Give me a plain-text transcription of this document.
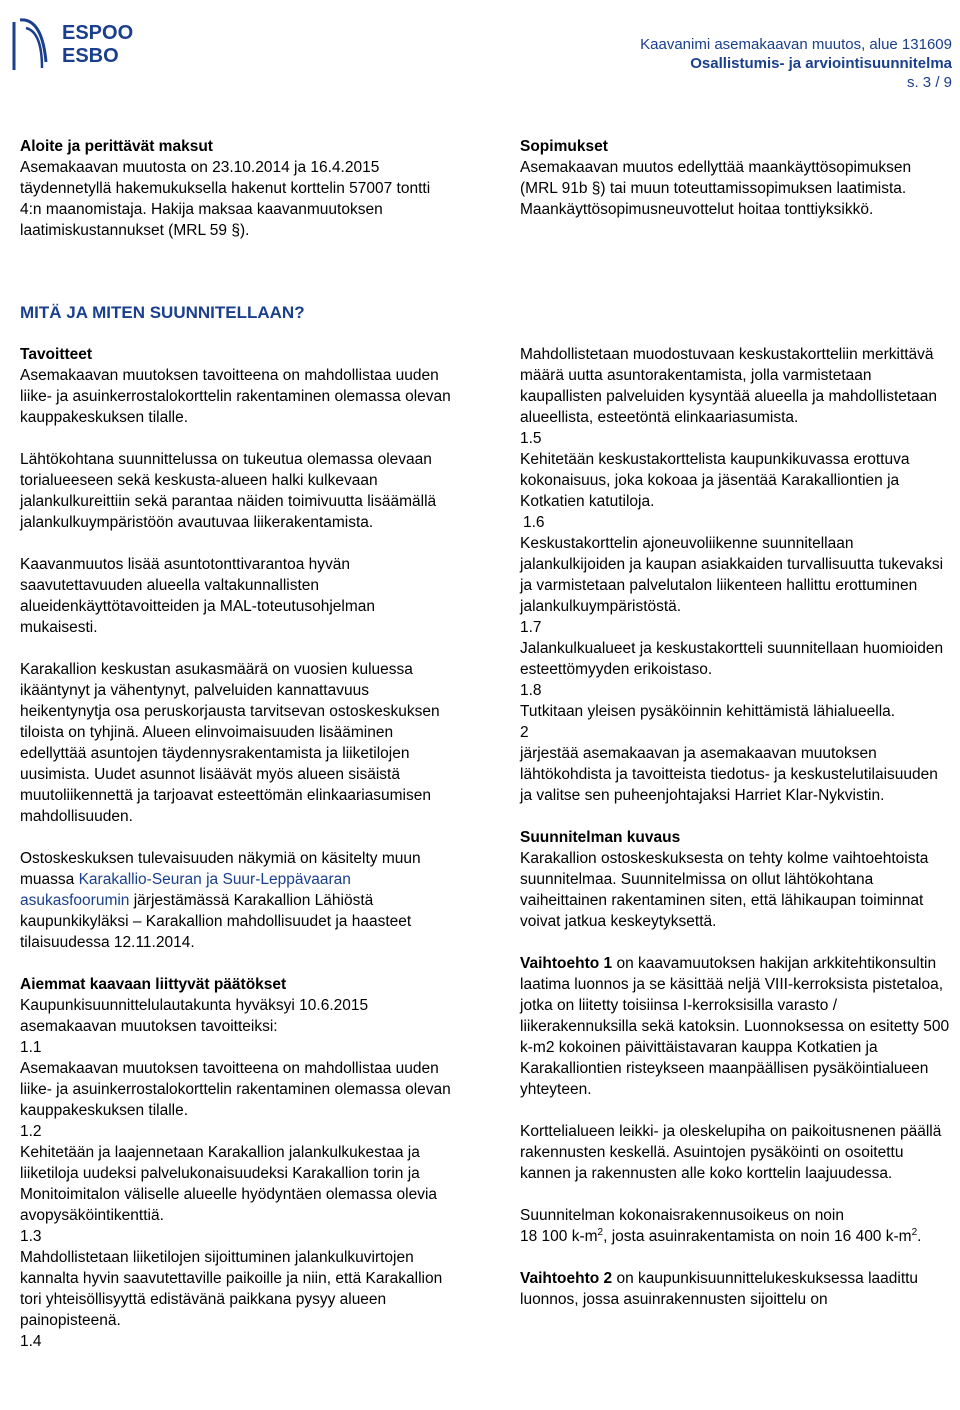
ESPOO
ESBO
Kaavanimi asemakaavan muutos, alue 131609
Osallistumis- ja arviointisuunnitelma
s. 3 / 9
Aloite ja perittävät maksut

Asemakaavan muutosta on 23.10.2014 ja 16.4.2015 täydennetyllä hakemukuksella hakenut korttelin 57007 tontti 4:n maanomistaja. Hakija maksaa kaavanmuutoksen laatimiskustannukset (MRL 59 §).

Sopimukset

Asemakaavan muutos edellyttää maankäyttösopimuksen (MRL 91b §) tai muun toteuttamissopimuksen laatimista. Maankäyttösopimusneuvottelut hoitaa tonttiyksikkö.

MITÄ JA MITEN SUUNNITELLAAN?
Tavoitteet

Asemakaavan muutoksen tavoitteena on mahdollistaa uuden liike- ja asuinkerrostalokorttelin rakentaminen olemassa olevan kauppakeskuksen tilalle.

Lähtökohtana suunnittelussa on tukeutua olemassa olevaan torialueeseen sekä keskusta-alueen halki kulkevaan jalankulkureittiin sekä parantaa näiden toimivuutta lisäämällä jalankulkuympäristöön avautuvaa liikerakentamista.

Kaavanmuutos lisää asuntotonttivarantoa hyvän saavutettavuuden alueella valtakunnallisten alueidenkäyttötavoitteiden ja MAL-toteutusohjelman mukaisesti.

Karakallion keskustan asukasmäärä on vuosien kuluessa ikääntynyt ja vähentynyt, palveluiden kannattavuus heikentynytja osa peruskorjausta tarvitsevan ostoskeskuksen tiloista on tyhjinä. Alueen elinvoimaisuuden lisääminen edellyttää asuntojen täydennysrakentamista ja liiketilojen uusimista. Uudet asunnot lisäävät myös alueen sisäistä muutoliikennettä ja tarjoavat esteettömän elinkaariasumisen mahdollisuuden.

Ostoskeskuksen tulevaisuuden näkymiä on käsitelty muun muassa Karakallio-Seuran ja Suur-Leppävaaran asukasfoorumin järjestämässä Karakallion Lähiöstä kaupunkikyläksi – Karakallion mahdollisuudet ja haasteet tilaisuudessa 12.11.2014.

Aiemmat kaavaan liittyvät päätökset

Kaupunkisuunnittelulautakunta hyväksyi 10.6.2015 asemakaavan muutoksen tavoitteiksi:

1.1

Asemakaavan muutoksen tavoitteena on mahdollistaa uuden liike- ja asuinkerrostalokorttelin rakentaminen olemassa olevan kauppakeskuksen tilalle.

1.2

Kehitetään ja laajennetaan Karakallion jalankulkukestaa ja liiketiloja uudeksi palvelukonaisuudeksi Karakallion torin ja Monitoimitalon väliselle alueelle hyödyntäen olemassa olevia avopysäköintikenttiä.

1.3

Mahdollistetaan liiketilojen sijoittuminen jalankulkuvirtojen kannalta hyvin saavutettaville paikoille ja niin, että Karakallion tori yhteisöllisyyttä edistävänä paikkana pysyy alueen painopisteenä.

1.4

Mahdollistetaan muodostuvaan keskustakortteliin merkittävä määrä uutta asuntorakentamista, jolla varmistetaan kaupallisten palveluiden kysyntää alueella ja mahdollistetaan alueellista, esteetöntä elinkaariasumista.

1.5

Kehitetään keskustakorttelista kaupunkikuvassa erottuva kokonaisuus, joka kokoaa ja jäsentää Karakalliontien ja Kotkatien katutiloja.

1.6

Keskustakorttelin ajoneuvoliikenne suunnitellaan jalankulkijoiden ja kaupan asiakkaiden turvallisuutta tukevaksi ja varmistetaan palvelutalon liikenteen hallittu erottuminen jalankulkuympäristöstä.

1.7

Jalankulkualueet ja keskustakortteli suunnitellaan huomioiden esteettömyyden erikoistaso.

1.8

Tutkitaan yleisen pysäköinnin kehittämistä lähialueella.

2

järjestää asemakaavan ja asemakaavan muutoksen lähtökohdista ja tavoitteista tiedotus- ja keskustelutilaisuuden ja valitse sen puheenjohtajaksi Harriet Klar-Nykvistin.

Suunnitelman kuvaus

Karakallion ostoskeskuksesta on tehty kolme vaihtoehtoista suunnitelmaa. Suunnitelmissa on ollut lähtökohtana vaiheittainen rakentaminen siten, että lähikaupan toiminnat voivat jatkua keskeytyksettä.

Vaihtoehto 1 on kaavamuutoksen hakijan arkkitehtikonsultin laatima luonnos ja se käsittää neljä VIII-kerroksista pistetaloa, jotka on liitetty toisiinsa I-kerroksisilla varasto / liikerakennuksilla sekä katoksin. Luonnoksessa on esitetty 500 k-m2 kokoinen päivittäistavaran kauppa Kotkatien ja Karakalliontien risteykseen maanpäällisen pysäköintialueen yhteyteen.

Korttelialueen leikki- ja oleskelupiha on paikoitusnenen päällä rakennusten keskellä. Asuintojen pysäköinti on osoitettu kannen ja rakennusten alle koko korttelin laajuudessa.

Suunnitelman kokonaisrakennusoikeus on noin
18 100 $k-m^2$, josta asuinrakentamista on noin 16 400 $k-m^2$.

Vaihtoehto 2 on kaupunkisuunnittelukeskuksessa laadittu luonnos, jossa asuinrakennusten sijoittelu on
